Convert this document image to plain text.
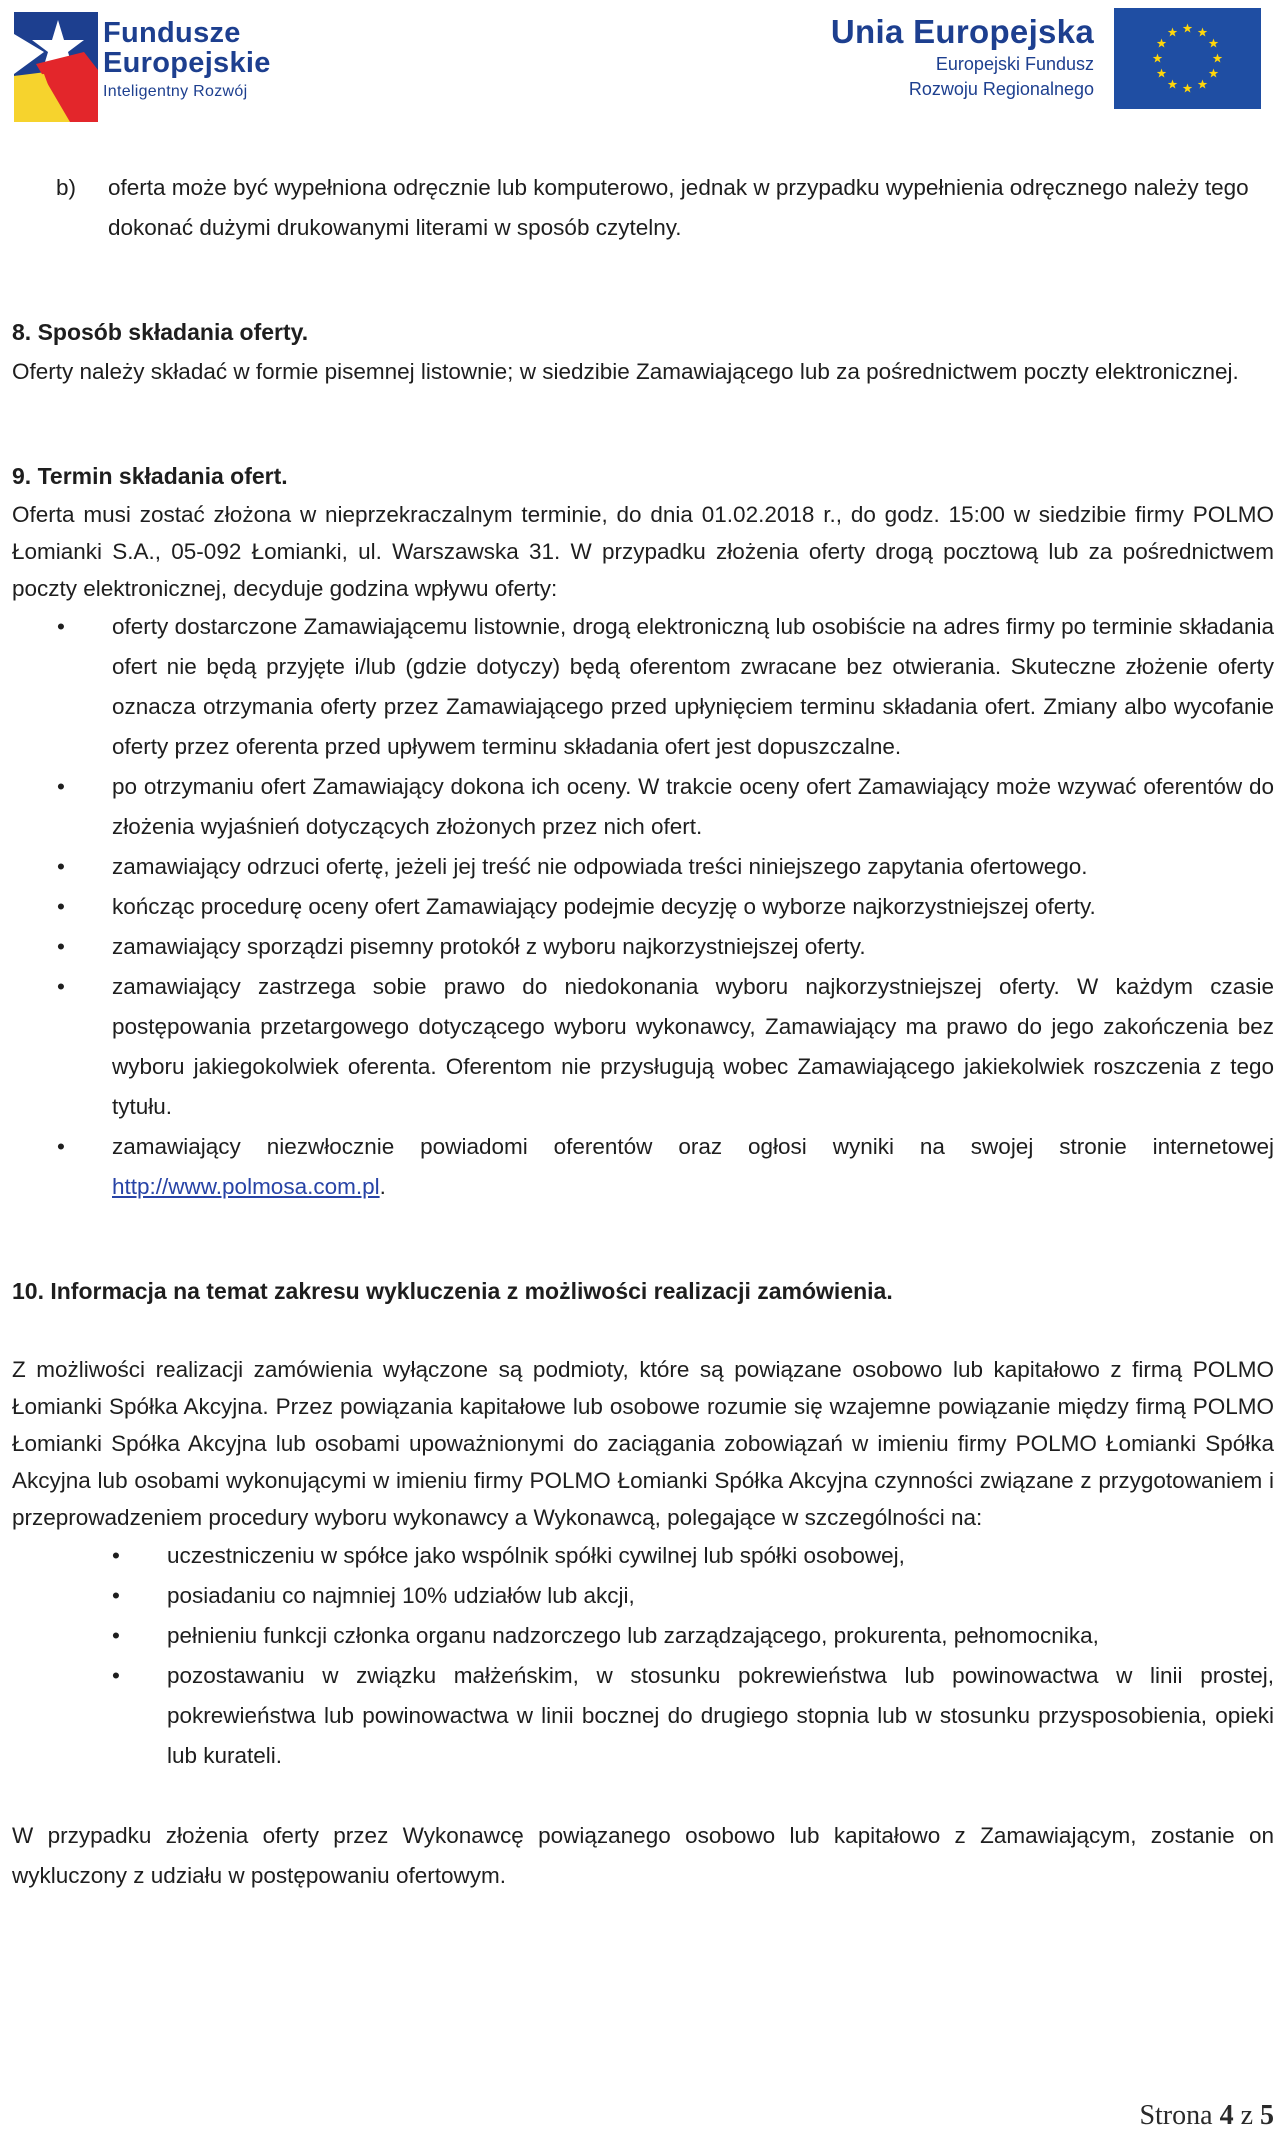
Fundusze
Europejskie
Inteligentny Rozwój
Unia Europejska
Europejski Fundusz
Rozwoju Regionalnego
b)	oferta może być wypełniona odręcznie lub komputerowo, jednak w przypadku wypełnienia odręcznego należy tego dokonać dużymi drukowanymi literami w sposób czytelny.

8. Sposób składania oferty.

Oferty należy składać w formie pisemnej listownie; w siedzibie Zamawiającego lub za pośrednictwem poczty elektronicznej.

9. Termin składania ofert.

Oferta musi zostać złożona w nieprzekraczalnym terminie, do dnia 01.02.2018 r., do godz. 15:00 w siedzibie firmy POLMO Łomianki S.A., 05-092 Łomianki, ul. Warszawska 31. W przypadku złożenia oferty drogą pocztową lub za pośrednictwem poczty elektronicznej, decyduje godzina wpływu oferty:

•	oferty dostarczone Zamawiającemu listownie, drogą elektroniczną lub osobiście na adres firmy po terminie składania ofert nie będą przyjęte i/lub (gdzie dotyczy) będą oferentom zwracane bez otwierania. Skuteczne złożenie oferty oznacza otrzymania oferty przez Zamawiającego przed upłynięciem terminu składania ofert. Zmiany albo wycofanie oferty przez oferenta przed upływem terminu składania ofert jest dopuszczalne.
•	po otrzymaniu ofert Zamawiający dokona ich oceny. W trakcie oceny ofert Zamawiający może wzywać oferentów do złożenia wyjaśnień dotyczących złożonych przez nich ofert.
•	zamawiający odrzuci ofertę, jeżeli jej treść nie odpowiada treści niniejszego zapytania ofertowego.
•	kończąc procedurę oceny ofert Zamawiający podejmie decyzję o wyborze najkorzystniejszej oferty.
•	zamawiający sporządzi pisemny protokół z wyboru najkorzystniejszej oferty.
•	zamawiający zastrzega sobie prawo do niedokonania wyboru najkorzystniejszej oferty. W każdym czasie postępowania przetargowego dotyczącego wyboru wykonawcy, Zamawiający ma prawo do jego zakończenia bez wyboru jakiegokolwiek oferenta. Oferentom nie przysługują wobec Zamawiającego jakiekolwiek roszczenia z tego tytułu.
•	zamawiający niezwłocznie powiadomi oferentów oraz ogłosi wyniki na swojej stronie internetowej http://www.polmosa.com.pl.

10. Informacja na temat zakresu wykluczenia z możliwości realizacji zamówienia.

Z możliwości realizacji zamówienia wyłączone są podmioty, które są powiązane osobowo lub kapitałowo z firmą POLMO Łomianki Spółka Akcyjna. Przez powiązania kapitałowe lub osobowe rozumie się wzajemne powiązanie między firmą POLMO Łomianki Spółka Akcyjna lub osobami upoważnionymi do zaciągania zobowiązań w imieniu firmy POLMO Łomianki Spółka Akcyjna lub osobami wykonującymi w imieniu firmy POLMO Łomianki Spółka Akcyjna czynności związane z przygotowaniem i przeprowadzeniem procedury wyboru wykonawcy a Wykonawcą, polegające w szczególności na:

•	uczestniczeniu w spółce jako wspólnik spółki cywilnej lub spółki osobowej,
•	posiadaniu co najmniej 10% udziałów lub akcji,
•	pełnieniu funkcji członka organu nadzorczego lub zarządzającego, prokurenta, pełnomocnika,
•	pozostawaniu w związku małżeńskim, w stosunku pokrewieństwa lub powinowactwa w linii prostej, pokrewieństwa lub powinowactwa w linii bocznej do drugiego stopnia lub w stosunku przysposobienia, opieki lub kurateli.

W przypadku złożenia oferty przez Wykonawcę powiązanego osobowo lub kapitałowo z Zamawiającym, zostanie on wykluczony z udziału w postępowaniu ofertowym.

Strona 4 z 5
